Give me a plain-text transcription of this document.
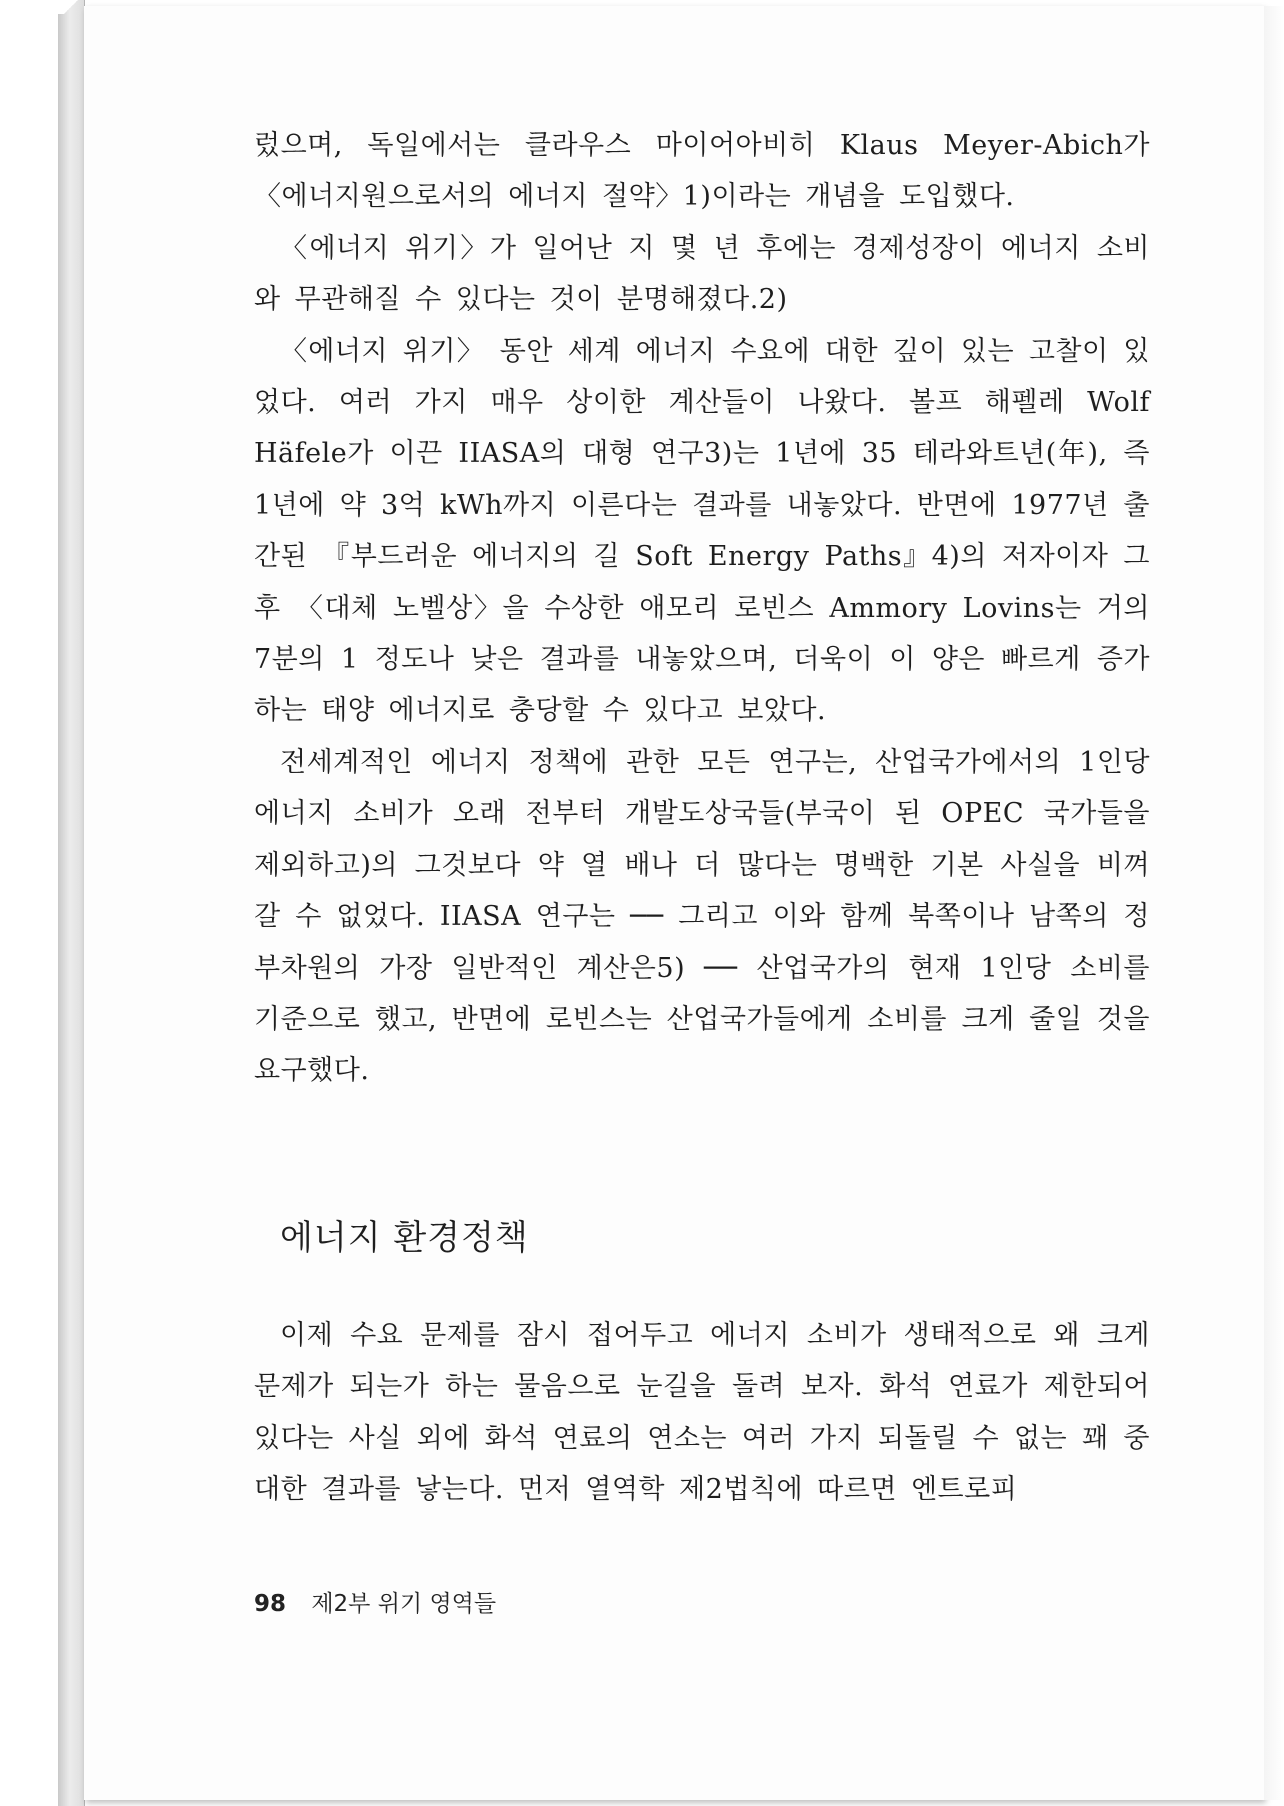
렀으며, 독일에서는 클라우스 마이어아비히 Klaus Meyer-Abich가 〈에너지원으로서의 에너지 절약〉1)이라는 개념을 도입했다.

〈에너지 위기〉가 일어난 지 몇 년 후에는 경제성장이 에너지 소비와 무관해질 수 있다는 것이 분명해졌다.2)

〈에너지 위기〉 동안 세계 에너지 수요에 대한 깊이 있는 고찰이 있었다. 여러 가지 매우 상이한 계산들이 나왔다. 볼프 해펠레 Wolf Häfele가 이끈 IIASA의 대형 연구3)는 1년에 35 테라와트년(年), 즉 1년에 약 3억 kWh까지 이른다는 결과를 내놓았다. 반면에 1977년 출간된 『부드러운 에너지의 길 Soft Energy Paths』4)의 저자이자 그 후 〈대체 노벨상〉을 수상한 애모리 로빈스 Ammory Lovins는 거의 7분의 1 정도나 낮은 결과를 내놓았으며, 더욱이 이 양은 빠르게 증가하는 태양 에너지로 충당할 수 있다고 보았다.

전세계적인 에너지 정책에 관한 모든 연구는, 산업국가에서의 1인당 에너지 소비가 오래 전부터 개발도상국들(부국이 된 OPEC 국가들을 제외하고)의 그것보다 약 열 배나 더 많다는 명백한 기본 사실을 비껴갈 수 없었다. IIASA 연구는 ── 그리고 이와 함께 북쪽이나 남쪽의 정부차원의 가장 일반적인 계산은5) ── 산업국가의 현재 1인당 소비를 기준으로 했고, 반면에 로빈스는 산업국가들에게 소비를 크게 줄일 것을 요구했다.

에너지 환경정책

이제 수요 문제를 잠시 접어두고 에너지 소비가 생태적으로 왜 크게 문제가 되는가 하는 물음으로 눈길을 돌려 보자. 화석 연료가 제한되어 있다는 사실 외에 화석 연료의 연소는 여러 가지 되돌릴 수 없는 꽤 중대한 결과를 낳는다. 먼저 열역학 제2법칙에 따르면 엔트로피

98 제2부 위기 영역들
